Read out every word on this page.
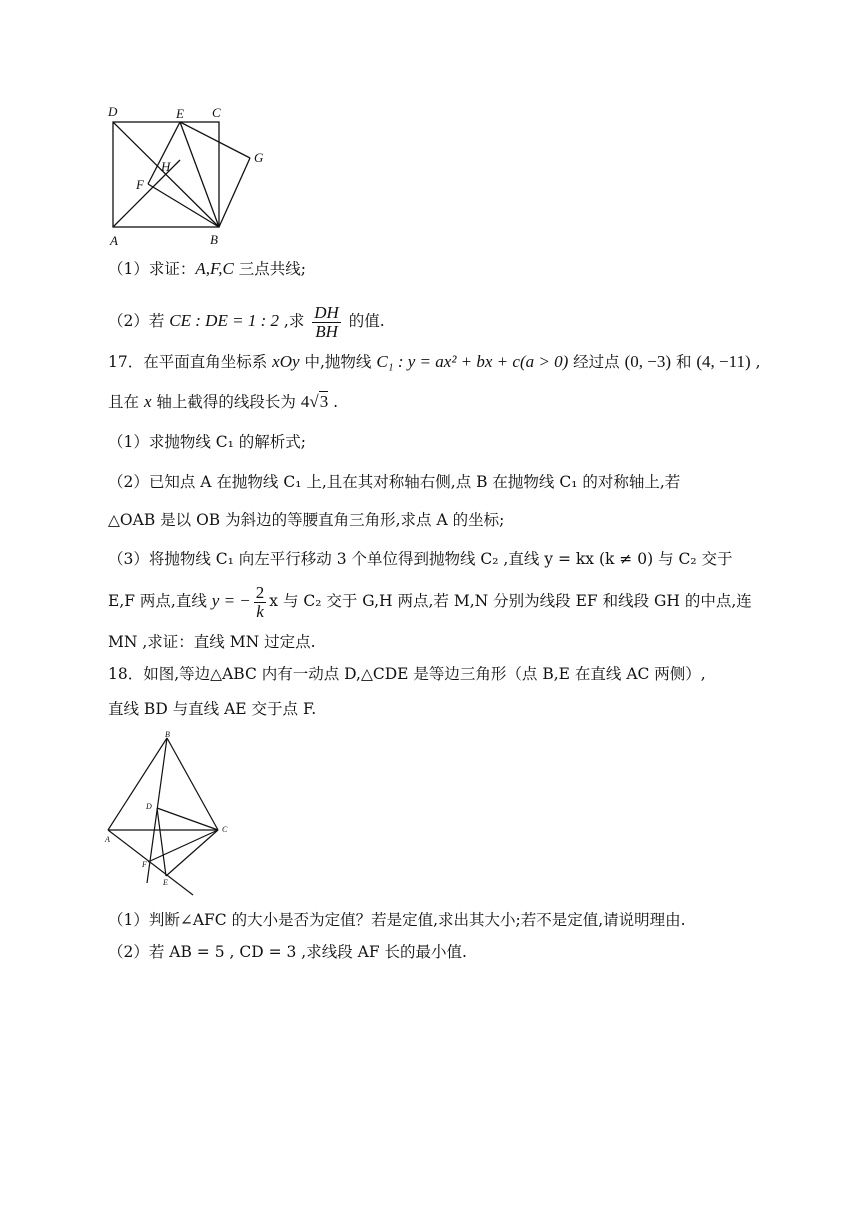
D	E C
G
H
F
A	B
（1）求证：A,F,C 三点共线;
（2）若 CE : DE = 1 : 2 ,求 $\frac{DH}{BH}$ 的值.
17．在平面直角坐标系 xOy 中,抛物线 C₁ : y = ax² + bx + c(a > 0) 经过点 (0, −3) 和 (4, −11) ,
且在 x 轴上截得的线段长为 4√3 .
（1）求抛物线 C₁ 的解析式;
（2）已知点 A 在抛物线 C₁ 上,且在其对称轴右侧,点 B 在抛物线 C₁ 的对称轴上,若
△OAB 是以 OB 为斜边的等腰直角三角形,求点 A 的坐标;
（3）将抛物线 C₁ 向左平行移动 3 个单位得到抛物线 C₂ ,直线 y = kx (k ≠ 0) 与 C₂ 交于
E,F 两点,直线 y = − $\frac{2}{k}$ x 与 C₂ 交于 G,H 两点,若 M,N 分别为线段 EF 和线段 GH 的中点,连
MN ,求证：直线 MN 过定点.
18．如图,等边△ABC 内有一动点 D,△CDE 是等边三角形（点 B,E 在直线 AC 两侧）,
直线 BD 与直线 AE 交于点 F.
B
D
C
A
F
E
（1）判断∠AFC 的大小是否为定值？若是定值,求出其大小;若不是定值,请说明理由.
（2）若 AB = 5 , CD = 3 ,求线段 AF 长的最小值.
